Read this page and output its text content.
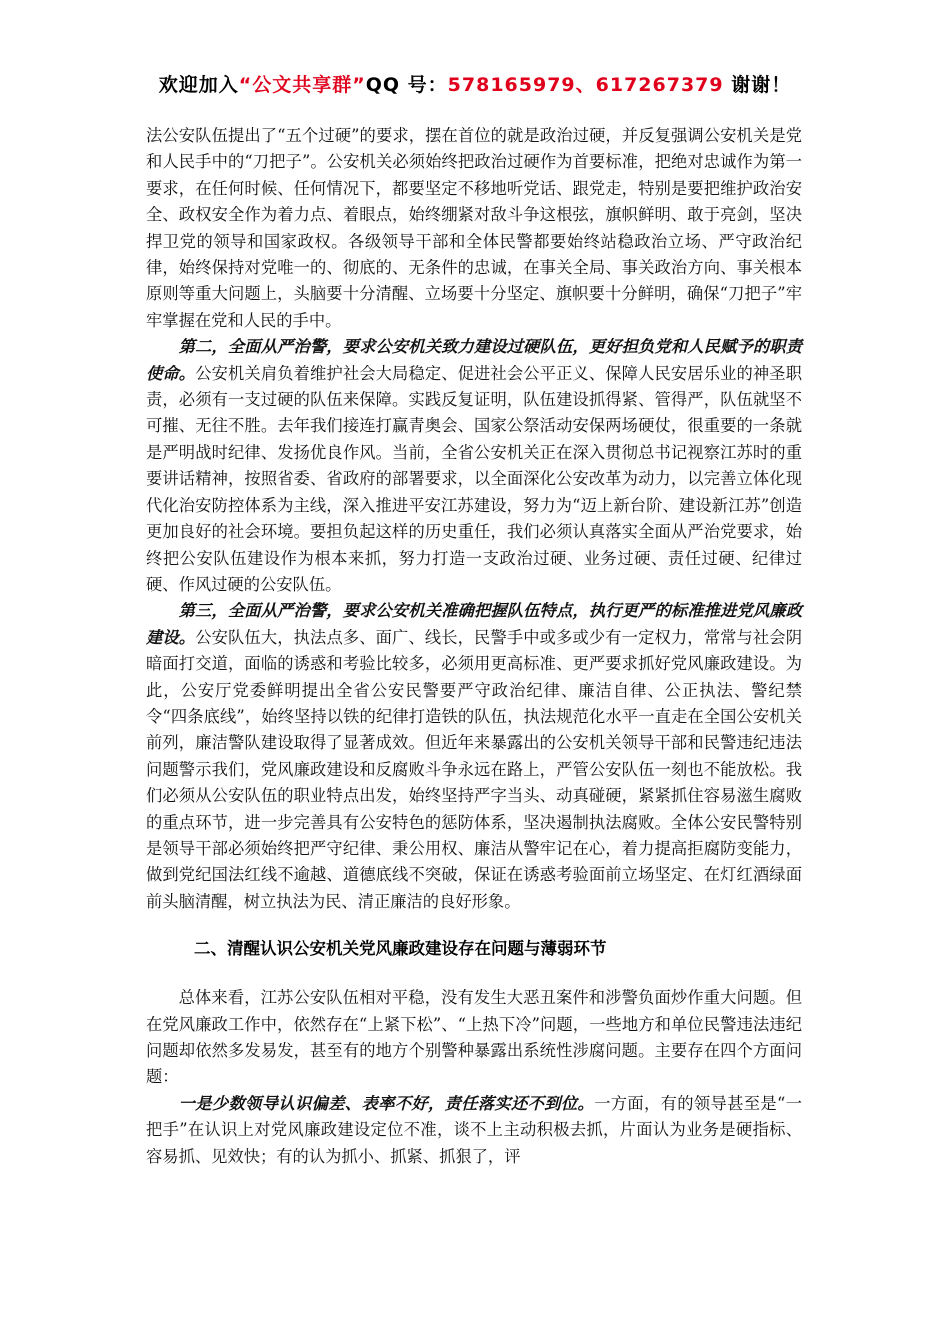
欢迎加入“公文共享群”QQ 号：578165979、617267379 谢谢！

法公安队伍提出了“五个过硬”的要求，摆在首位的就是政治过硬，并反复强调公安机关是党和人民手中的“刀把子”。公安机关必须始终把政治过硬作为首要标准，把绝对忠诚作为第一要求，在任何时候、任何情况下，都要坚定不移地听党话、跟党走，特别是要把维护政治安全、政权安全作为着力点、着眼点，始终绷紧对敌斗争这根弦，旗帜鲜明、敢于亮剑，坚决捍卫党的领导和国家政权。各级领导干部和全体民警都要始终站稳政治立场、严守政治纪律，始终保持对党唯一的、彻底的、无条件的忠诚，在事关全局、事关政治方向、事关根本原则等重大问题上，头脑要十分清醒、立场要十分坚定、旗帜要十分鲜明，确保“刀把子”牢牢掌握在党和人民的手中。

第二，全面从严治警，要求公安机关致力建设过硬队伍，更好担负党和人民赋予的职责使命。公安机关肩负着维护社会大局稳定、促进社会公平正义、保障人民安居乐业的神圣职责，必须有一支过硬的队伍来保障。实践反复证明，队伍建设抓得紧、管得严，队伍就坚不可摧、无往不胜。去年我们接连打赢青奥会、国家公祭活动安保两场硬仗，很重要的一条就是严明战时纪律、发扬优良作风。当前，全省公安机关正在深入贯彻总书记视察江苏时的重要讲话精神，按照省委、省政府的部署要求，以全面深化公安改革为动力，以完善立体化现代化治安防控体系为主线，深入推进平安江苏建设，努力为“迈上新台阶、建设新江苏”创造更加良好的社会环境。要担负起这样的历史重任，我们必须认真落实全面从严治党要求，始终把公安队伍建设作为根本来抓，努力打造一支政治过硬、业务过硬、责任过硬、纪律过硬、作风过硬的公安队伍。

第三，全面从严治警，要求公安机关准确把握队伍特点，执行更严的标准推进党风廉政建设。公安队伍大，执法点多、面广、线长，民警手中或多或少有一定权力，常常与社会阴暗面打交道，面临的诱惑和考验比较多，必须用更高标准、更严要求抓好党风廉政建设。为此，公安厅党委鲜明提出全省公安民警要严守政治纪律、廉洁自律、公正执法、警纪禁令“四条底线”，始终坚持以铁的纪律打造铁的队伍，执法规范化水平一直走在全国公安机关前列，廉洁警队建设取得了显著成效。但近年来暴露出的公安机关领导干部和民警违纪违法问题警示我们，党风廉政建设和反腐败斗争永远在路上，严管公安队伍一刻也不能放松。我们必须从公安队伍的职业特点出发，始终坚持严字当头、动真碰硬，紧紧抓住容易滋生腐败的重点环节，进一步完善具有公安特色的惩防体系，坚决遏制执法腐败。全体公安民警特别是领导干部必须始终把严守纪律、秉公用权、廉洁从警牢记在心，着力提高拒腐防变能力，做到党纪国法红线不逾越、道德底线不突破，保证在诱惑考验面前立场坚定、在灯红酒绿面前头脑清醒，树立执法为民、清正廉洁的良好形象。

二、清醒认识公安机关党风廉政建设存在问题与薄弱环节

总体来看，江苏公安队伍相对平稳，没有发生大恶丑案件和涉警负面炒作重大问题。但在党风廉政工作中，依然存在“上紧下松”、“上热下冷”问题，一些地方和单位民警违法违纪问题却依然多发易发，甚至有的地方个别警种暴露出系统性涉腐问题。主要存在四个方面问题：

一是少数领导认识偏差、表率不好，责任落实还不到位。一方面，有的领导甚至是“一把手”在认识上对党风廉政建设定位不准，谈不上主动积极去抓，片面认为业务是硬指标、容易抓、见效快；有的认为抓小、抓紧、抓狠了，评
